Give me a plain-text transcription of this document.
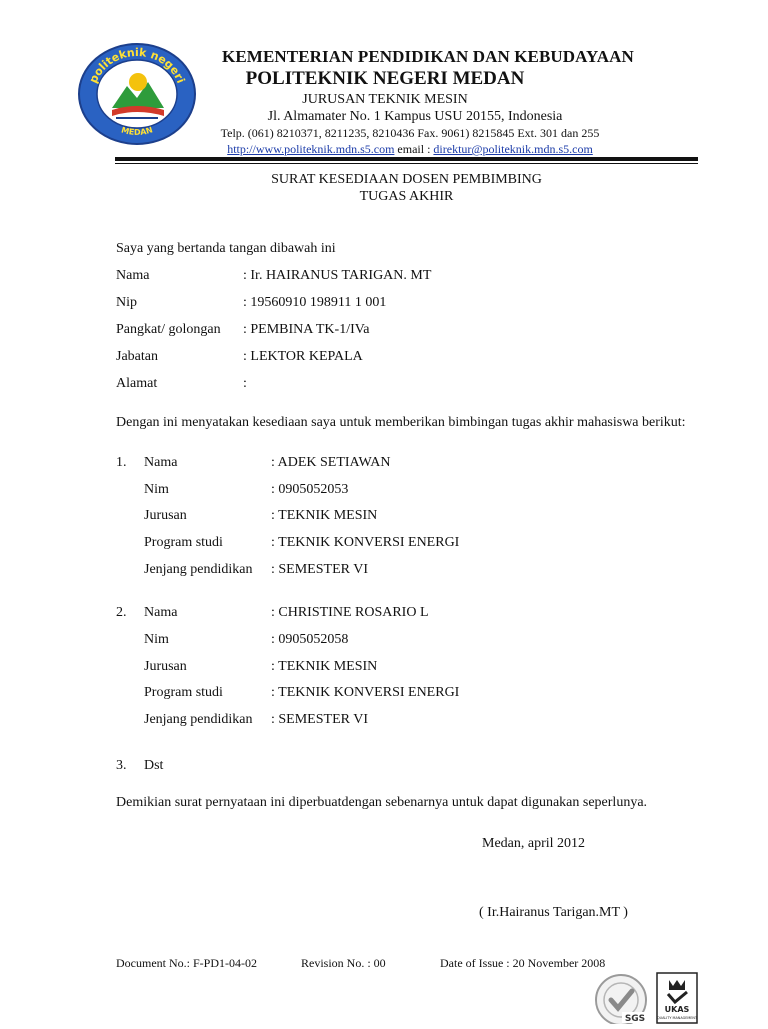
politeknik negeri
MEDAN
KEMENTERIAN PENDIDIKAN DAN KEBUDAYAAN
POLITEKNIK NEGERI MEDAN
JURUSAN TEKNIK MESIN
Jl. Almamater No. 1 Kampus USU 20155, Indonesia
Telp. (061) 8210371, 8211235, 8210436 Fax. 9061) 8215845 Ext. 301 dan 255
http://www.politeknik.mdn.s5.com email : direktur@politeknik.mdn.s5.com
SURAT KESEDIAAN DOSEN PEMBIMBING
TUGAS AKHIR
Saya yang bertanda tangan dibawah ini
Nama	: Ir. HAIRANUS TARIGAN. MT
Nip	: 19560910 198911 1 001
Pangkat/ golongan : PEMBINA TK-1/IVa
Jabatan	: LEKTOR KEPALA
Alamat	:
Dengan ini menyatakan kesediaan saya untuk memberikan bimbingan tugas akhir mahasiswa berikut:
1. Nama	: ADEK SETIAWAN
Nim	: 0905052053
Jurusan	: TEKNIK MESIN
Program studi	: TEKNIK KONVERSI ENERGI
Jenjang pendidikan : SEMESTER VI
2. Nama	: CHRISTINE ROSARIO L
Nim	: 0905052058
Jurusan	: TEKNIK MESIN
Program studi	: TEKNIK KONVERSI ENERGI
Jenjang pendidikan : SEMESTER VI
3. Dst
Demikian surat pernyataan ini diperbuatdengan sebenarnya untuk dapat digunakan seperlunya.
Medan, april 2012
( Ir.Hairanus Tarigan.MT )
Document No.: F-PD1-04-02	Revision No. : 00	Date of Issue : 20 November 2008
SGS
UKAS
QUALITY MANAGEMENT
